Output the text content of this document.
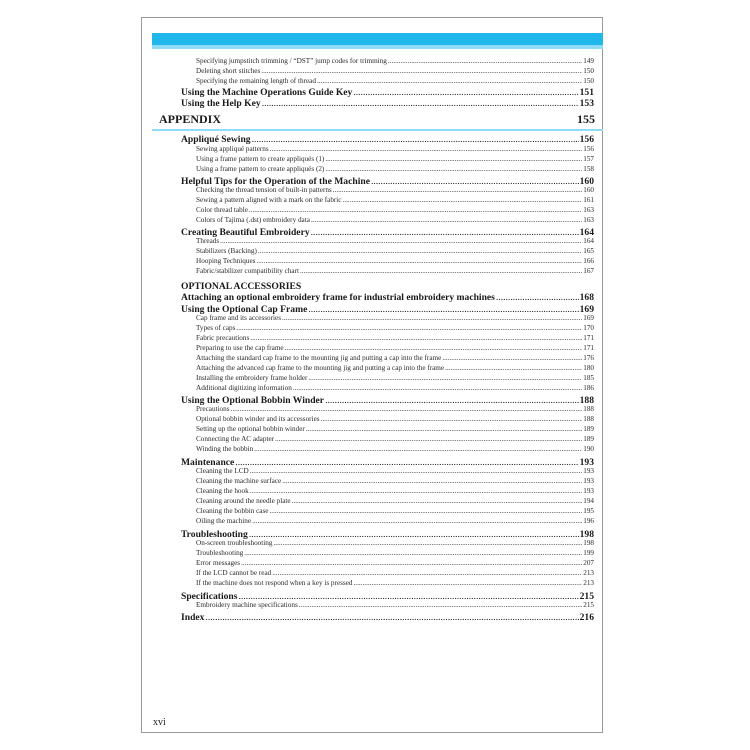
APPENDIX	155
OPTIONAL ACCESSORIES
Specifying jumpstitch trimming / “DST” jump codes for trimming .....	149
Deleting short stitches .....	150
Specifying the remaining length of thread .....	150
Using the Machine Operations Guide Key .....	151
Using the Help Key .....	153
Appliqué Sewing .....	156
Sewing appliqué patterns .....	156
Using a frame pattern to create appliqués (1) .....	157
Using a frame pattern to create appliqués (2) .....	158
Helpful Tips for the Operation of the Machine .....	160
Checking the thread tension of built-in patterns .....	160
Sewing a pattern aligned with a mark on the fabric .....	161
Color thread table .....	163
Colors of Tajima (.dst) embroidery data .....	163
Creating Beautiful Embroidery .....	164
Threads .....	164
Stabilizers (Backing) .....	165
Hooping Techniques .....	166
Fabric/stabilizer compatibility chart .....	167
Attaching an optional embroidery frame for industrial embroidery machines .....	168
Using the Optional Cap Frame .....	169
Cap frame and its accessories .....	169
Types of caps .....	170
Fabric precautions .....	171
Preparing to use the cap frame .....	171
Attaching the standard cap frame to the mounting jig and putting a cap into the frame .....	176
Attaching the advanced cap frame to the mounting jig and putting a cap into the frame .....	180
Installing the embroidery frame holder .....	185
Additional digitizing information .....	186
Using the Optional Bobbin Winder .....	188
Precautions .....	188
Optional bobbin winder and its accessories .....	188
Setting up the optional bobbin winder .....	189
Connecting the AC adapter .....	189
Winding the bobbin .....	190
Maintenance .....	193
Cleaning the LCD .....	193
Cleaning the machine surface .....	193
Cleaning the hook .....	193
Cleaning around the needle plate .....	194
Cleaning the bobbin case .....	195
Oiling the machine .....	196
Troubleshooting .....	198
On-screen troubleshooting .....	198
Troubleshooting .....	199
Error messages .....	207
If the LCD cannot be read .....	213
If the machine does not respond when a key is pressed .....	213
Specifications .....	215
Embroidery machine specifications .....	215
Index .....	216
xvi
